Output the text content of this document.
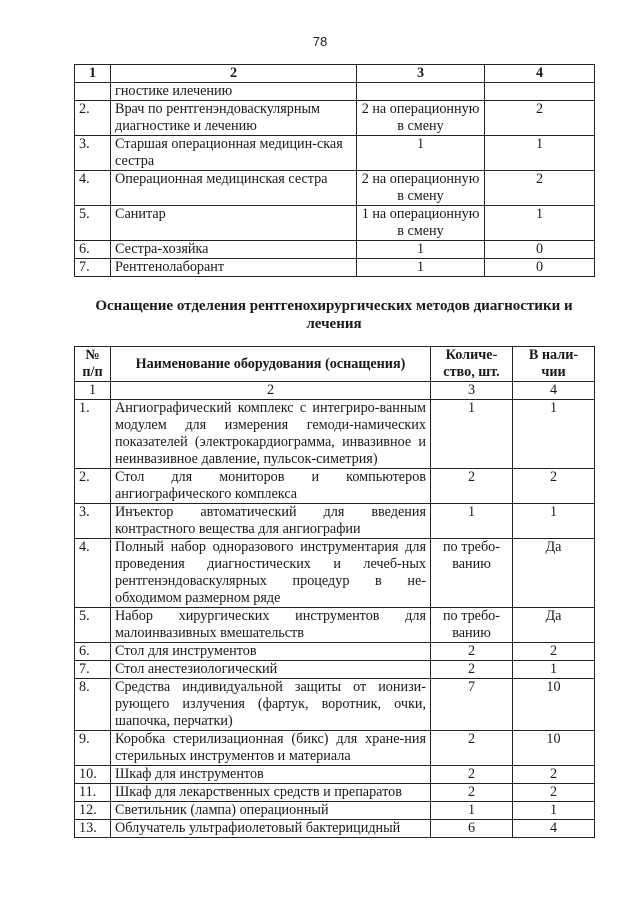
78
1	2	3	4
	гностике илечению		
2.	Врач по рентгенэндоваскулярным диагностике и лечению	2 на операционную в смену	2
3.	Старшая операционная медицин-ская сестра	1	1
4.	Операционная медицинская сестра	2 на операционную в смену	2
5.	Санитар	1 на операционную в смену	1
6.	Сестра-хозяйка	1	0
7.	Рентгенолаборант	1	0
Оснащение отделения рентгенохирургических методов диагностики и лечения
№ п/п	Наименование оборудования (оснащения)	Количе-ство, шт.	В нали-чии
1	2	3	4
1.	Ангиографический комплекс с интегриро-ванным модулем для измерения гемоди-намических показателей (электрокардиограмма, инвазивное и неинвазивное давление, пульсок-симетрия)	1	1
2.	Стол для мониторов и компьютеров ангиографического комплекса	2	2
3.	Инъектор автоматический для введения контрастного вещества для ангиографии	1	1
4.	Полный набор одноразового инструментария для проведения диагностических и лечеб-ных рентгенэндоваскулярных процедур в не-обходимом размерном ряде	по требо-ванию	Да
5.	Набор хирургических инструментов для малоинвазивных вмешательств	по требо-ванию	Да
6.	Стол для инструментов	2	2
7.	Стол анестезиологический	2	1
8.	Средства индивидуальной защиты от ионизи-рующего излучения (фартук, воротник, очки, шапочка, перчатки)	7	10
9.	Коробка стерилизационная (бикс) для хране-ния стерильных инструментов и материала	2	10
10.	Шкаф для инструментов	2	2
11.	Шкаф для лекарственных средств и препаратов	2	2
12.	Светильник (лампа) операционный	1	1
13.	Облучатель ультрафиолетовый бактерицидный	6	4
